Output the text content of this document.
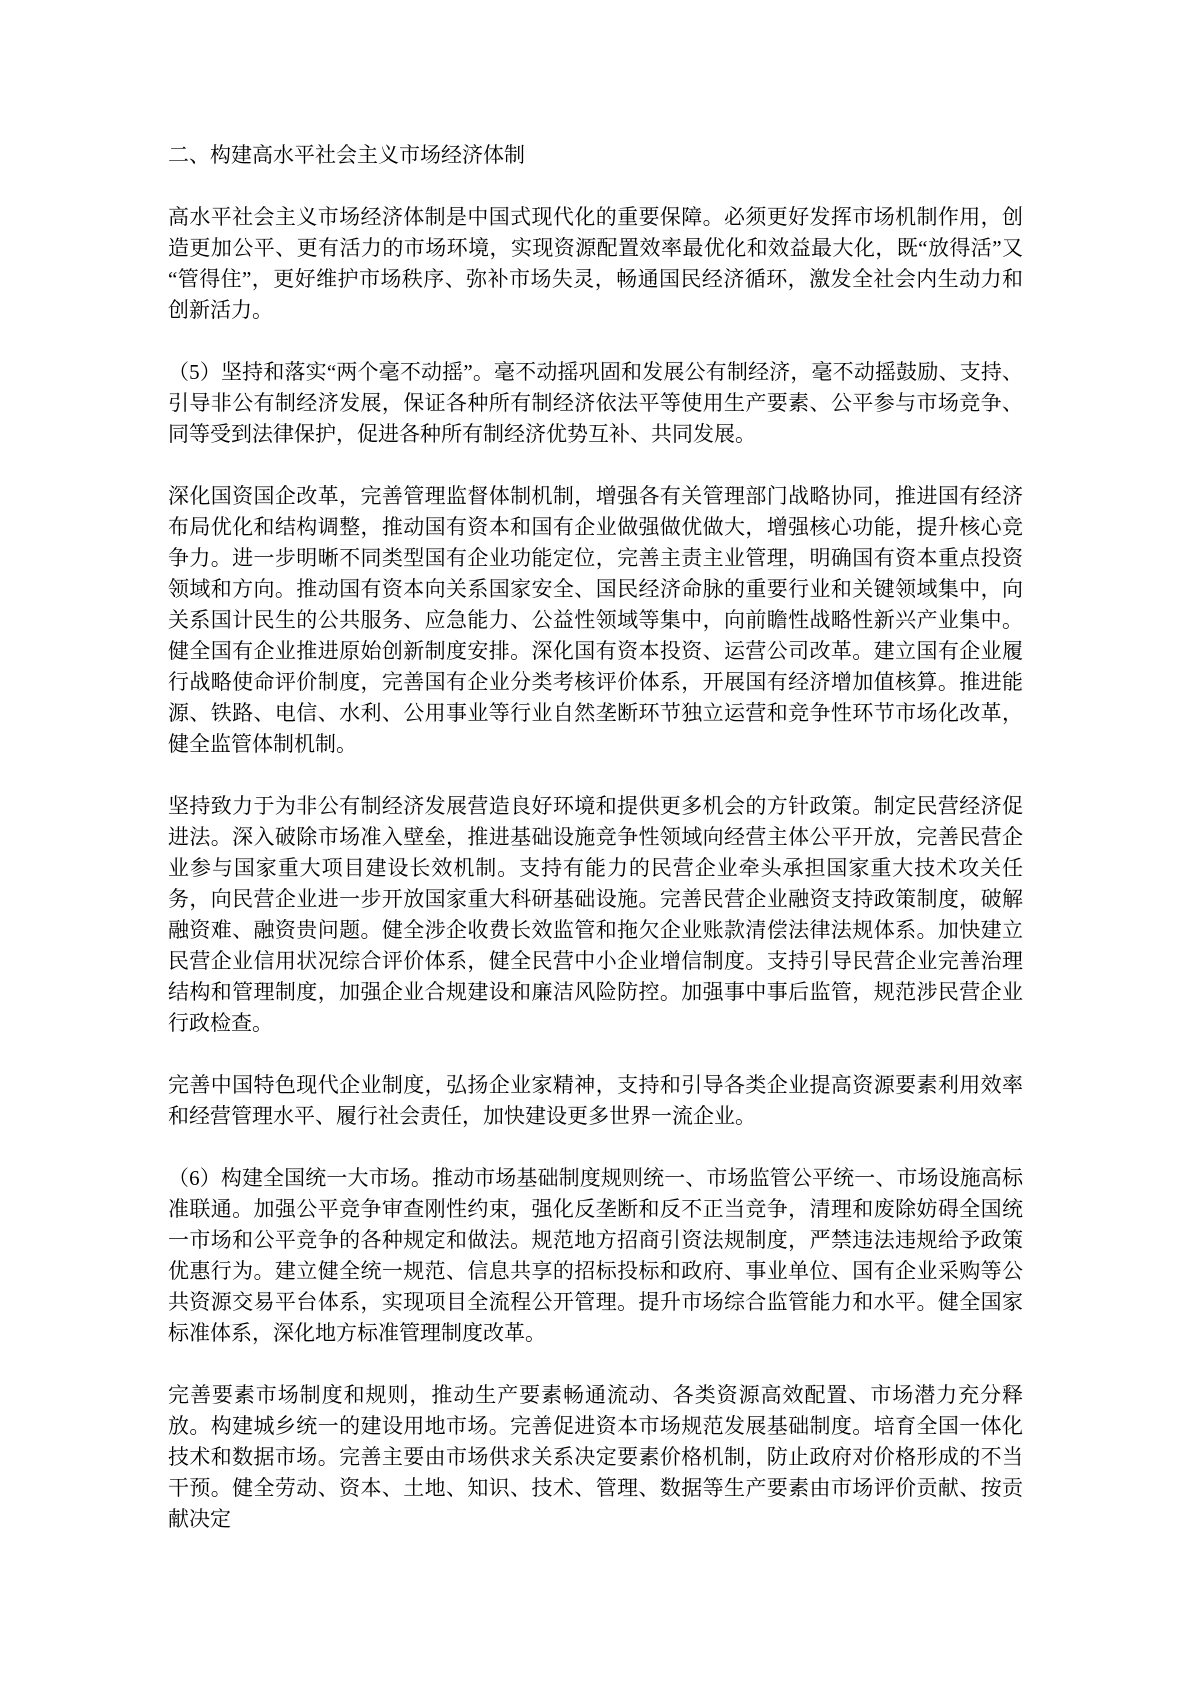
二、构建高水平社会主义市场经济体制

高水平社会主义市场经济体制是中国式现代化的重要保障。必须更好发挥市场机制作用，创造更加公平、更有活力的市场环境，实现资源配置效率最优化和效益最大化，既“放得活”又“管得住”，更好维护市场秩序、弥补市场失灵，畅通国民经济循环，激发全社会内生动力和创新活力。

（5）坚持和落实“两个毫不动摇”。毫不动摇巩固和发展公有制经济，毫不动摇鼓励、支持、引导非公有制经济发展，保证各种所有制经济依法平等使用生产要素、公平参与市场竞争、同等受到法律保护，促进各种所有制经济优势互补、共同发展。

深化国资国企改革，完善管理监督体制机制，增强各有关管理部门战略协同，推进国有经济布局优化和结构调整，推动国有资本和国有企业做强做优做大，增强核心功能，提升核心竞争力。进一步明晰不同类型国有企业功能定位，完善主责主业管理，明确国有资本重点投资领域和方向。推动国有资本向关系国家安全、国民经济命脉的重要行业和关键领域集中，向关系国计民生的公共服务、应急能力、公益性领域等集中，向前瞻性战略性新兴产业集中。健全国有企业推进原始创新制度安排。深化国有资本投资、运营公司改革。建立国有企业履行战略使命评价制度，完善国有企业分类考核评价体系，开展国有经济增加值核算。推进能源、铁路、电信、水利、公用事业等行业自然垄断环节独立运营和竞争性环节市场化改革，健全监管体制机制。

坚持致力于为非公有制经济发展营造良好环境和提供更多机会的方针政策。制定民营经济促进法。深入破除市场准入壁垒，推进基础设施竞争性领域向经营主体公平开放，完善民营企业参与国家重大项目建设长效机制。支持有能力的民营企业牵头承担国家重大技术攻关任务，向民营企业进一步开放国家重大科研基础设施。完善民营企业融资支持政策制度，破解融资难、融资贵问题。健全涉企收费长效监管和拖欠企业账款清偿法律法规体系。加快建立民营企业信用状况综合评价体系，健全民营中小企业增信制度。支持引导民营企业完善治理结构和管理制度，加强企业合规建设和廉洁风险防控。加强事中事后监管，规范涉民营企业行政检查。

完善中国特色现代企业制度，弘扬企业家精神，支持和引导各类企业提高资源要素利用效率和经营管理水平、履行社会责任，加快建设更多世界一流企业。

（6）构建全国统一大市场。推动市场基础制度规则统一、市场监管公平统一、市场设施高标准联通。加强公平竞争审查刚性约束，强化反垄断和反不正当竞争，清理和废除妨碍全国统一市场和公平竞争的各种规定和做法。规范地方招商引资法规制度，严禁违法违规给予政策优惠行为。建立健全统一规范、信息共享的招标投标和政府、事业单位、国有企业采购等公共资源交易平台体系，实现项目全流程公开管理。提升市场综合监管能力和水平。健全国家标准体系，深化地方标准管理制度改革。

完善要素市场制度和规则，推动生产要素畅通流动、各类资源高效配置、市场潜力充分释放。构建城乡统一的建设用地市场。完善促进资本市场规范发展基础制度。培育全国一体化技术和数据市场。完善主要由市场供求关系决定要素价格机制，防止政府对价格形成的不当干预。健全劳动、资本、土地、知识、技术、管理、数据等生产要素由市场评价贡献、按贡献决定
